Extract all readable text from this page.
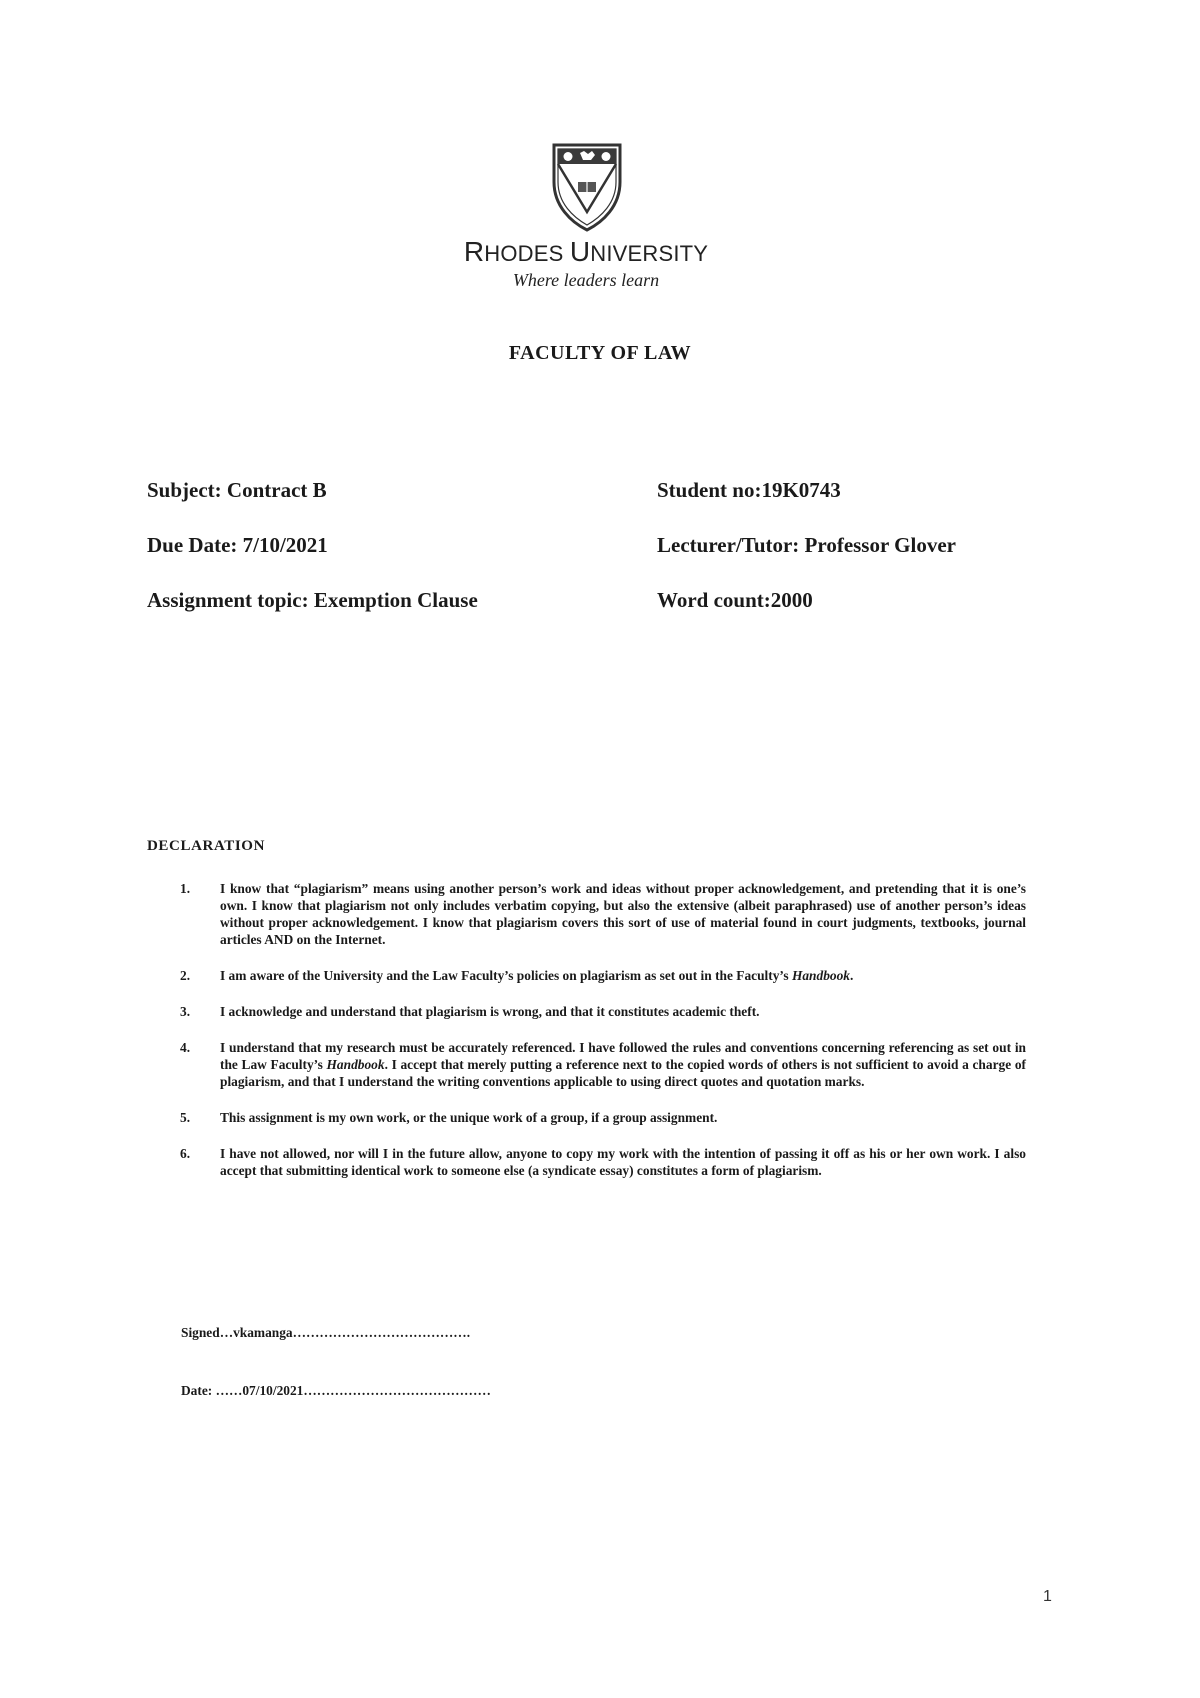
RHODES UNIVERSITY
Where leaders learn
FACULTY OF LAW
Subject: Contract B	Student no:19K0743
Due Date: 7/10/2021	Lecturer/Tutor: Professor Glover
Assignment topic: Exemption Clause	Word count:2000
DECLARATION
1. I know that “plagiarism” means using another person’s work and ideas without proper acknowledgement, and pretending that it is one’s own. I know that plagiarism not only includes verbatim copying, but also the extensive (albeit paraphrased) use of another person’s ideas without proper acknowledgement. I know that plagiarism covers this sort of use of material found in court judgments, textbooks, journal articles AND on the Internet.
2. I am aware of the University and the Law Faculty’s policies on plagiarism as set out in the Faculty’s Handbook.
3. I acknowledge and understand that plagiarism is wrong, and that it constitutes academic theft.
4. I understand that my research must be accurately referenced. I have followed the rules and conventions concerning referencing as set out in the Law Faculty’s Handbook. I accept that merely putting a reference next to the copied words of others is not sufficient to avoid a charge of plagiarism, and that I understand the writing conventions applicable to using direct quotes and quotation marks.
5. This assignment is my own work, or the unique work of a group, if a group assignment.
6. I have not allowed, nor will I in the future allow, anyone to copy my work with the intention of passing it off as his or her own work. I also accept that submitting identical work to someone else (a syndicate essay) constitutes a form of plagiarism.
Signed…vkamanga………………………………….
Date: ……07/10/2021……………………………………
1
